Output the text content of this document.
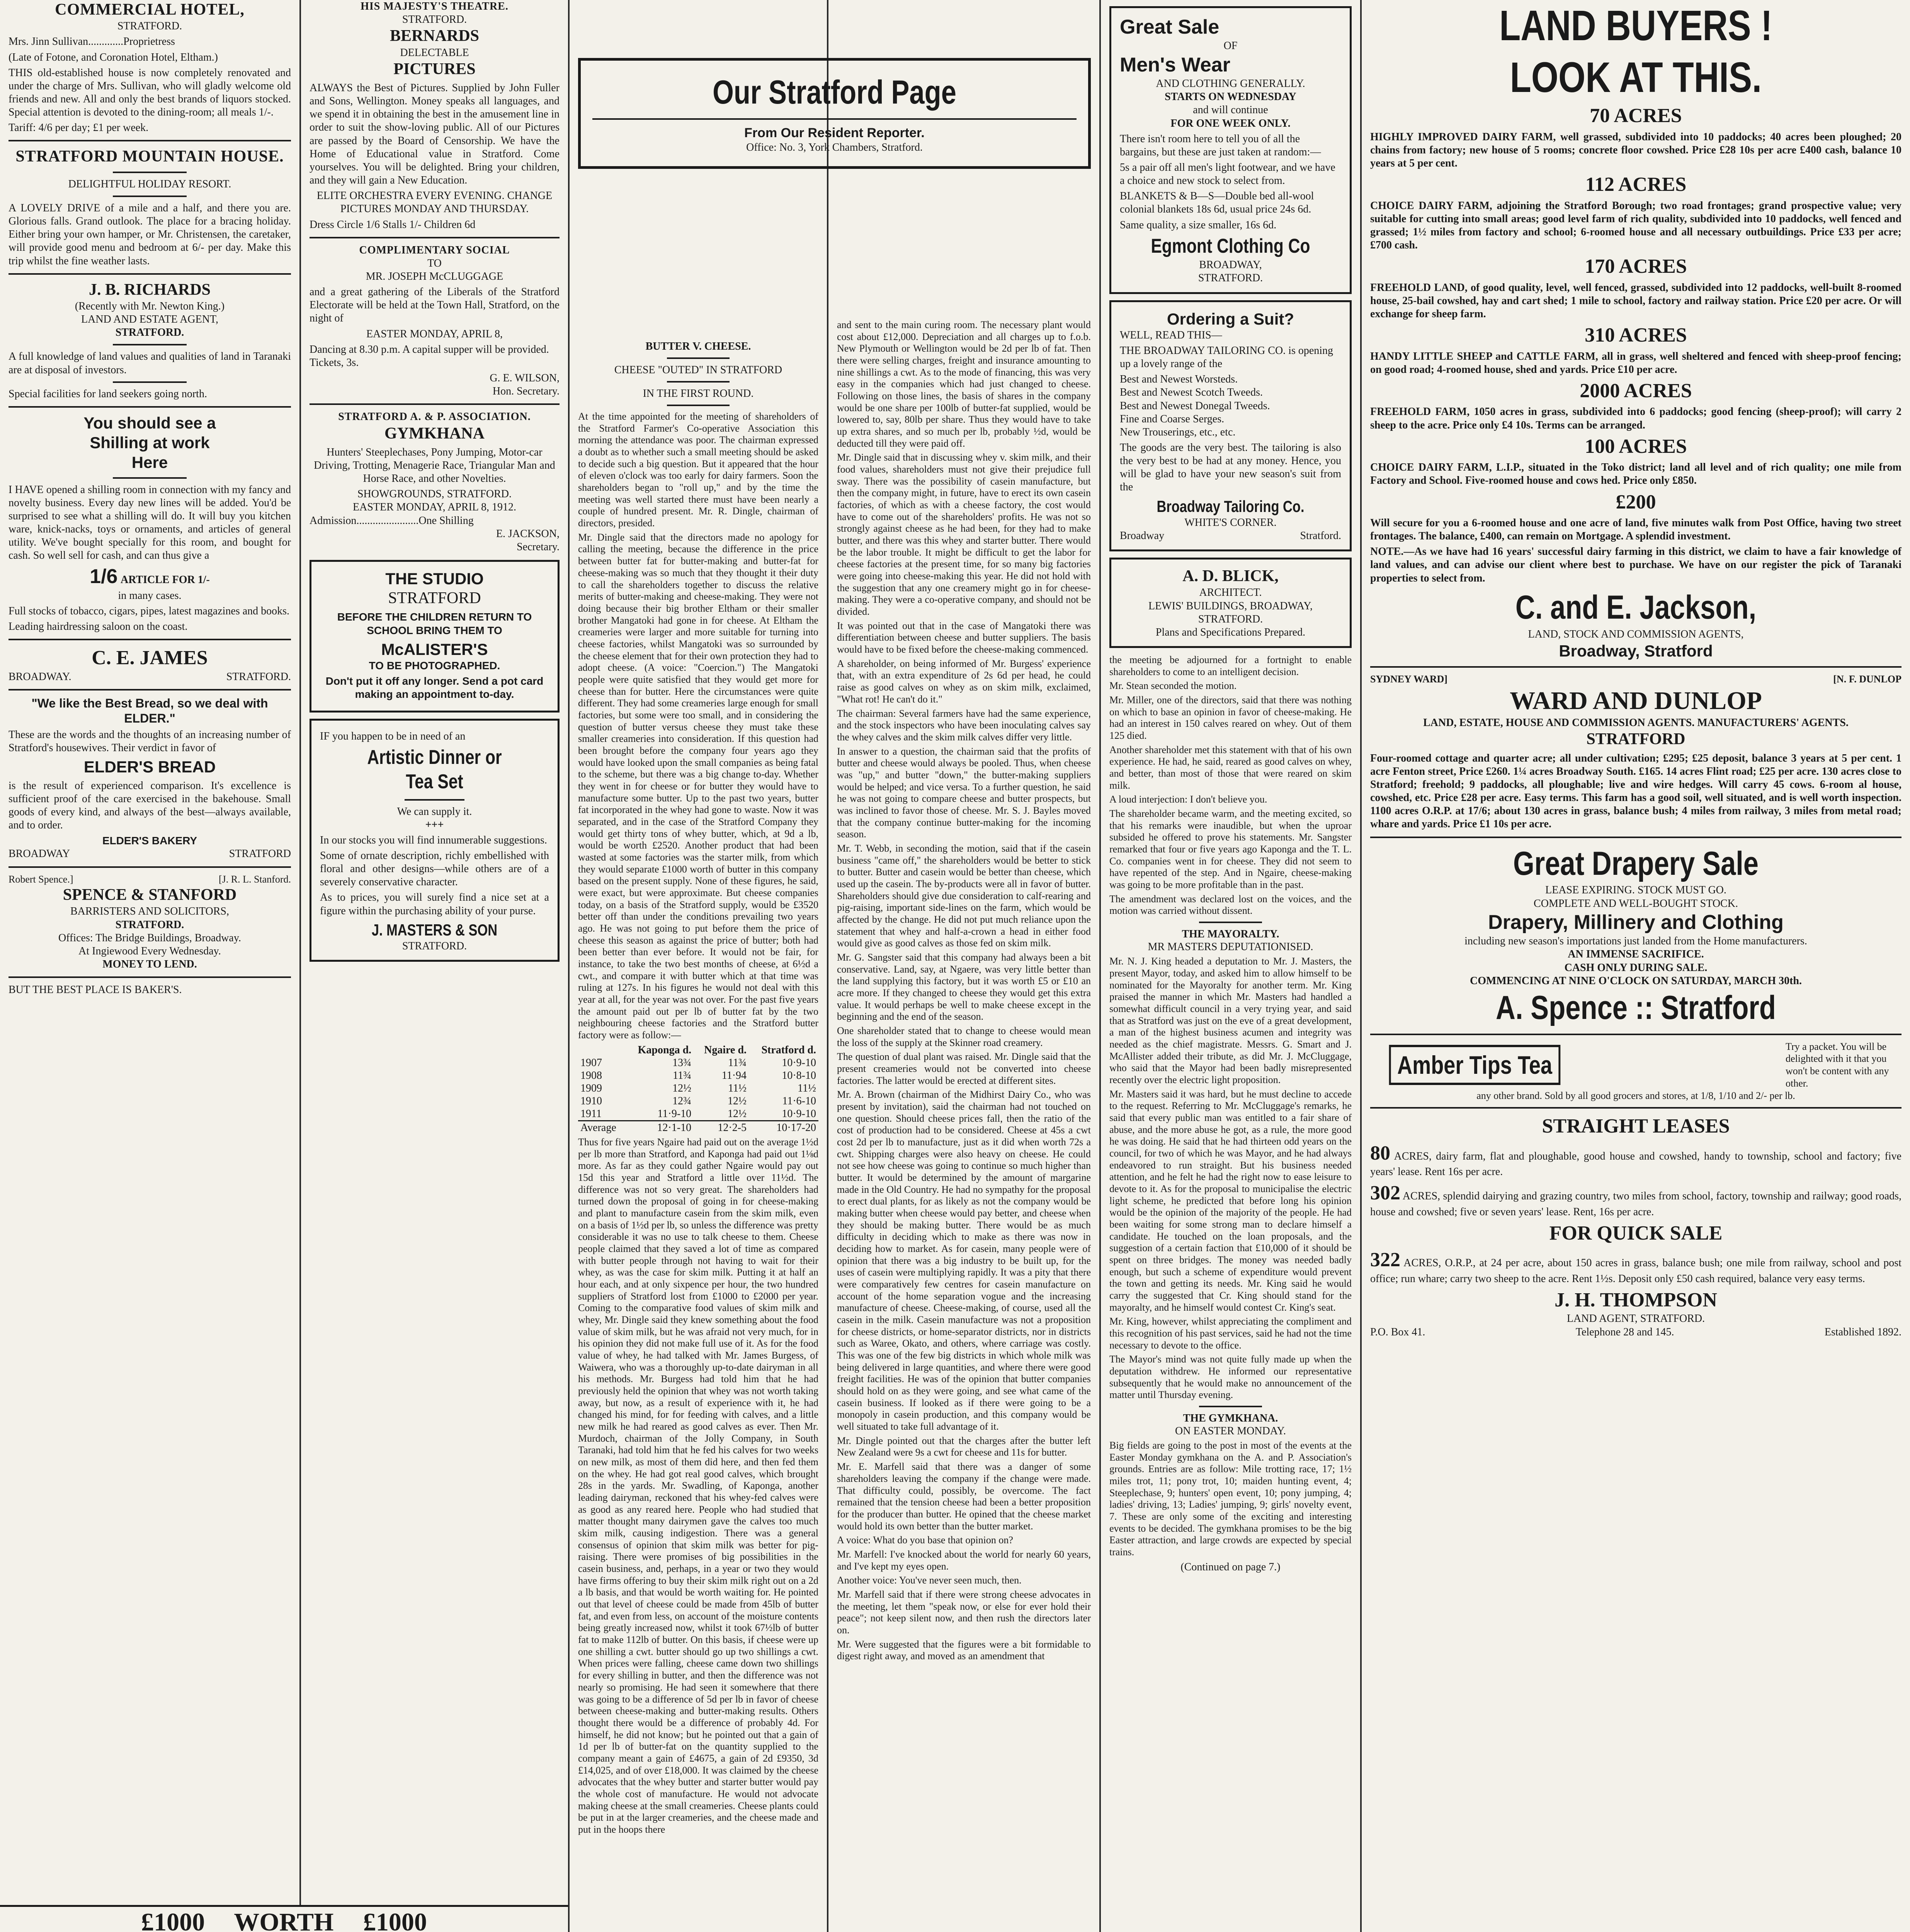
COMMERCIAL HOTEL,
STRATFORD.

Mrs. Jinn Sullivan.............Proprietress

(Late of Fotone, and Coronation Hotel, Eltham.)

THIS old-established house is now completely renovated and under the charge of Mrs. Sullivan, who will gladly welcome old friends and new. All and only the best brands of liquors stocked. Special attention is devoted to the dining-room; all meals 1/-.

Tariff: 4/6 per day; £1 per week.

STRATFORD MOUNTAIN HOUSE.
DELIGHTFUL HOLIDAY RESORT.

A LOVELY DRIVE of a mile and a half, and there you are. Glorious falls. Grand outlook. The place for a bracing holiday. Either bring your own hamper, or Mr. Christensen, the caretaker, will provide good menu and bedroom at 6/- per day. Make this trip whilst the fine weather lasts.

J. B. RICHARDS
(Recently with Mr. Newton King.)
LAND AND ESTATE AGENT,
STRATFORD.

A full knowledge of land values and qualities of land in Taranaki are at disposal of investors.

Special facilities for land seekers going north.

You should see a
Shilling at work
Here

I HAVE opened a shilling room in connection with my fancy and novelty business. Every day new lines will be added. You'd be surprised to see what a shilling will do. It will buy you kitchen ware, knick-nacks, toys or ornaments, and articles of general utility. We've bought specially for this room, and bought for cash. So well sell for cash, and can thus give a

1/6 ARTICLE FOR 1/-
in many cases.

Full stocks of tobacco, cigars, pipes, latest magazines and books.

Leading hairdressing saloon on the coast.

C. E. JAMES
BROADWAY.	STRATFORD.
"We like the Best Bread, so we deal with ELDER."

These are the words and the thoughts of an increasing number of Stratford's housewives. Their verdict in favor of

ELDER'S BREAD

is the result of experienced comparison. It's excellence is sufficient proof of the care exercised in the bakehouse. Small goods of every kind, and always of the best—always available, and to order.

ELDER'S BAKERY
BROADWAY	STRATFORD
Robert Spence.]	[J. R. L. Stanford.
SPENCE & STANFORD
BARRISTERS AND SOLICITORS,
STRATFORD.
Offices: The Bridge Buildings, Broadway.
At Ingiewood Every Wednesday.
MONEY TO LEND.
BUT THE BEST PLACE IS BAKER'S.
HIS MAJESTY'S THEATRE.
STRATFORD.
BERNARDS
DELECTABLE
PICTURES

ALWAYS the Best of Pictures. Supplied by John Fuller and Sons, Wellington. Money speaks all languages, and we spend it in obtaining the best in the amusement line in order to suit the show-loving public. All of our Pictures are passed by the Board of Censorship. We have the Home of Educational value in Stratford. Come yourselves. You will be delighted. Bring your children, and they will gain a New Education.

ELITE ORCHESTRA EVERY EVENING. CHANGE PICTURES MONDAY AND THURSDAY.

Dress Circle 1/6 Stalls 1/- Children 6d

COMPLIMENTARY SOCIAL
TO
MR. JOSEPH McCLUGGAGE

and a great gathering of the Liberals of the Stratford Electorate will be held at the Town Hall, Stratford, on the night of

EASTER MONDAY, APRIL 8,

Dancing at 8.30 p.m. A capital supper will be provided. Tickets, 3s.

G. E. WILSON,
Hon. Secretary.
STRATFORD A. & P. ASSOCIATION.
GYMKHANA

Hunters' Steeplechases, Pony Jumping, Motor-car Driving, Trotting, Menagerie Race, Triangular Man and Horse Race, and other Novelties.

SHOWGROUNDS, STRATFORD.
EASTER MONDAY, APRIL 8, 1912.
Admission.......................One Shilling
E. JACKSON,
Secretary.
THE STUDIO
STRATFORD

BEFORE THE CHILDREN RETURN TO SCHOOL BRING THEM TO

McALISTER'S
TO BE PHOTOGRAPHED.

Don't put it off any longer. Send a pot card making an appointment to-day.

IF you happen to be in need of an

Artistic Dinner or
Tea Set
We can supply it.
+++

In our stocks you will find innumerable suggestions.

Some of ornate description, richly embellished with floral and other designs—while others are of a severely conservative character.

As to prices, you will surely find a nice set at a figure within the purchasing ability of your purse.

J. MASTERS & SON
STRATFORD.
£1000 WORTH £1000

Our Stratford Page
From Our Resident Reporter.
Office: No. 3, York Chambers, Stratford.
BUTTER V. CHEESE.
CHEESE "OUTED" IN STRATFORD
IN THE FIRST ROUND.

At the time appointed for the meeting of shareholders of the Stratford Farmer's Co-operative Association this morning the attendance was poor. The chairman expressed a doubt as to whether such a small meeting should be asked to decide such a big question. But it appeared that the hour of eleven o'clock was too early for dairy farmers. Soon the shareholders began to "roll up," and by the time the meeting was well started there must have been nearly a couple of hundred present. Mr. R. Dingle, chairman of directors, presided.

Mr. Dingle said that the directors made no apology for calling the meeting, because the difference in the price between butter fat for butter-making and butter-fat for cheese-making was so much that they thought it their duty to call the shareholders together to discuss the relative merits of butter-making and cheese-making. They were not doing because their big brother Eltham or their smaller brother Mangatoki had gone in for cheese. At Eltham the creameries were larger and more suitable for turning into cheese factories, whilst Mangatoki was so surrounded by the cheese element that for their own protection they had to adopt cheese. (A voice: "Coercion.") The Mangatoki people were quite satisfied that they would get more for cheese than for butter. Here the circumstances were quite different. They had some creameries large enough for small factories, but some were too small, and in considering the question of butter versus cheese they must take these smaller creameries into consideration. If this question had been brought before the company four years ago they would have looked upon the small companies as being fatal to the scheme, but there was a big change to-day. Whether they went in for cheese or for butter they would have to manufacture some butter. Up to the past two years, butter fat incorporated in the whey had gone to waste. Now it was separated, and in the case of the Stratford Company they would get thirty tons of whey butter, which, at 9d a lb, would be worth £2520. Another product that had been wasted at some factories was the starter milk, from which they would separate £1000 worth of butter in this company based on the present supply. None of these figures, he said, were exact, but were approximate. But cheese companies today, on a basis of the Stratford supply, would be £3520 better off than under the conditions prevailing two years ago. He was not going to put before them the price of cheese this season as against the price of butter; both had been better than ever before. It would not be fair, for instance, to take the two best months of cheese, at 6½d a cwt., and compare it with butter which at that time was ruling at 127s. In his figures he would not deal with this year at all, for the year was not over. For the past five years the amount paid out per lb of butter fat by the two neighbouring cheese factories and the Stratford butter factory were as follow:—

	Kaponga d.	Ngaire d.	Stratford d.
1907	13¾	11¾	10·9-10
1908	11¾	11·94	10·8-10
1909	12½	11½	11½
1910	12¾	12½	11·6-10
1911	11·9-10	12½	10·9-10
Average	12·1-10	12·2-5	10·17-20

Thus for five years Ngaire had paid out on the average 1½d per lb more than Stratford, and Kaponga had paid out 1⅛d more. As far as they could gather Ngaire would pay out 15d this year and Stratford a little over 11½d. The difference was not so very great. The shareholders had turned down the proposal of going in for cheese-making and plant to manufacture casein from the skim milk, even on a basis of 1½d per lb, so unless the difference was pretty considerable it was no use to talk cheese to them. Cheese people claimed that they saved a lot of time as compared with butter people through not having to wait for their whey, as was the case for skim milk. Putting it at half an hour each, and at only sixpence per hour, the two hundred suppliers of Stratford lost from £1000 to £2000 per year. Coming to the comparative food values of skim milk and whey, Mr. Dingle said they knew something about the food value of skim milk, but he was afraid not very much, for in his opinion they did not make full use of it. As for the food value of whey, he had talked with Mr. James Burgess, of Waiwera, who was a thoroughly up-to-date dairyman in all his methods. Mr. Burgess had told him that he had previously held the opinion that whey was not worth taking away, but now, as a result of experience with it, he had changed his mind, for for feeding with calves, and a little new milk he had reared as good calves as ever. Then Mr. Murdoch, chairman of the Jolly Company, in South Taranaki, had told him that he fed his calves for two weeks on new milk, as most of them did here, and then fed them on the whey. He had got real good calves, which brought 28s in the yards. Mr. Swadling, of Kaponga, another leading dairyman, reckoned that his whey-fed calves were as good as any reared here. People who had studied that matter thought many dairymen gave the calves too much skim milk, causing indigestion. There was a general consensus of opinion that skim milk was better for pig-raising. There were promises of big possibilities in the casein business, and, perhaps, in a year or two they would have firms offering to buy their skim milk right out on a 2d a lb basis, and that would be worth waiting for. He pointed out that level of cheese could be made from 45lb of butter fat, and even from less, on account of the moisture contents being greatly increased now, whilst it took 67½lb of butter fat to make 112lb of butter. On this basis, if cheese were up one shilling a cwt. butter should go up two shillings a cwt. When prices were falling, cheese came down two shillings for every shilling in butter, and then the difference was not nearly so promising. He had seen it somewhere that there was going to be a difference of 5d per lb in favor of cheese between cheese-making and butter-making results. Others thought there would be a difference of probably 4d. For himself, he did not know; but he pointed out that a gain of 1d per lb of butter-fat on the quantity supplied to the company meant a gain of £4675, a gain of 2d £9350, 3d £14,025, and of over £18,000. It was claimed by the cheese advocates that the whey butter and starter butter would pay the whole cost of manufacture. He would not advocate making cheese at the small creameries. Cheese plants could be put in at the larger creameries, and the cheese made and put in the hoops there

and sent to the main curing room. The necessary plant would cost about £12,000. Depreciation and all charges up to f.o.b. New Plymouth or Wellington would be 2d per lb of fat. Then there were selling charges, freight and insurance amounting to nine shillings a cwt. As to the mode of financing, this was very easy in the companies which had just changed to cheese. Following on those lines, the basis of shares in the company would be one share per 100lb of butter-fat supplied, would be lowered to, say, 80lb per share. Thus they would have to take up extra shares, and so much per lb, probably ½d, would be deducted till they were paid off.

Mr. Dingle said that in discussing whey v. skim milk, and their food values, shareholders must not give their prejudice full sway. There was the possibility of casein manufacture, but then the company might, in future, have to erect its own casein factories, of which as with a cheese factory, the cost would have to come out of the shareholders' profits. He was not so strongly against cheese as he had been, for they had to make butter, and there was this whey and starter butter. There would be the labor trouble. It might be difficult to get the labor for cheese factories at the present time, for so many big factories were going into cheese-making this year. He did not hold with the suggestion that any one creamery might go in for cheese-making. They were a co-operative company, and should not be divided.

It was pointed out that in the case of Mangatoki there was differentiation between cheese and butter suppliers. The basis would have to be fixed before the cheese-making commenced.

A shareholder, on being informed of Mr. Burgess' experience that, with an extra expenditure of 2s 6d per head, he could raise as good calves on whey as on skim milk, exclaimed, "What rot! He can't do it."

The chairman: Several farmers have had the same experience, and the stock inspectors who have been inoculating calves say the whey calves and the skim milk calves differ very little.

In answer to a question, the chairman said that the profits of butter and cheese would always be pooled. Thus, when cheese was "up," and butter "down," the butter-making suppliers would be helped; and vice versa. To a further question, he said he was not going to compare cheese and butter prospects, but was inclined to favor those of cheese. Mr. S. J. Bayles moved that the company continue butter-making for the incoming season.

Mr. T. Webb, in seconding the motion, said that if the casein business "came off," the shareholders would be better to stick to butter. Butter and casein would be better than cheese, which used up the casein. The by-products were all in favor of butter. Shareholders should give due consideration to calf-rearing and pig-raising, important side-lines on the farm, which would be affected by the change. He did not put much reliance upon the statement that whey and half-a-crown a head in either food would give as good calves as those fed on skim milk.

Mr. G. Sangster said that this company had always been a bit conservative. Land, say, at Ngaere, was very little better than the land supplying this factory, but it was worth £5 or £10 an acre more. If they changed to cheese they would get this extra value. It would perhaps be well to make cheese except in the beginning and the end of the season.

One shareholder stated that to change to cheese would mean the loss of the supply at the Skinner road creamery.

The question of dual plant was raised. Mr. Dingle said that the present creameries would not be converted into cheese factories. The latter would be erected at different sites.

Mr. A. Brown (chairman of the Midhirst Dairy Co., who was present by invitation), said the chairman had not touched on one question. Should cheese prices fall, then the ratio of the cost of production had to be considered. Cheese at 45s a cwt cost 2d per lb to manufacture, just as it did when worth 72s a cwt. Shipping charges were also heavy on cheese. He could not see how cheese was going to continue so much higher than butter. It would be determined by the amount of margarine made in the Old Country. He had no sympathy for the proposal to erect dual plants, for as likely as not the company would be making butter when cheese would pay better, and cheese when they should be making butter. There would be as much difficulty in deciding which to make as there was now in deciding how to market. As for casein, many people were of opinion that there was a big industry to be built up, for the uses of casein were multiplying rapidly. It was a pity that there were comparatively few centres for casein manufacture on account of the home separation vogue and the increasing manufacture of cheese. Cheese-making, of course, used all the casein in the milk. Casein manufacture was not a proposition for cheese districts, or home-separator districts, nor in districts such as Waree, Okato, and others, where carriage was costly. This was one of the few big districts in which whole milk was being delivered in large quantities, and where there were good freight facilities. He was of the opinion that butter companies should hold on as they were going, and see what came of the casein business. If looked as if there were going to be a monopoly in casein production, and this company would be well situated to take full advantage of it.

Mr. Dingle pointed out that the charges after the butter left New Zealand were 9s a cwt for cheese and 11s for butter.

Mr. E. Marfell said that there was a danger of some shareholders leaving the company if the change were made. That difficulty could, possibly, be overcome. The fact remained that the tension cheese had been a better proposition for the producer than butter. He opined that the cheese market would hold its own better than the butter market.

A voice: What do you base that opinion on?

Mr. Marfell: I've knocked about the world for nearly 60 years, and I've kept my eyes open.

Another voice: You've never seen much, then.

Mr. Marfell said that if there were strong cheese advocates in the meeting, let them "speak now, or else for ever hold their peace"; not keep silent now, and then rush the directors later on.

Mr. Were suggested that the figures were a bit formidable to digest right away, and moved as an amendment that

Great Sale
OF
Men's Wear
AND CLOTHING GENERALLY.
STARTS ON WEDNESDAY
and will continue
FOR ONE WEEK ONLY.

There isn't room here to tell you of all the bargains, but these are just taken at random:—

5s a pair off all men's light footwear, and we have a choice and new stock to select from.

BLANKETS & B—S—Double bed all-wool colonial blankets 18s 6d, usual price 24s 6d.

Same quality, a size smaller, 16s 6d.

Egmont Clothing Co
BROADWAY,
STRATFORD.
Ordering a Suit?
WELL, READ THIS—

THE BROADWAY TAILORING CO. is opening up a lovely range of the

Best and Newest Worsteds.
Best and Newest Scotch Tweeds.
Best and Newest Donegal Tweeds.
Fine and Coarse Serges.
New Trouserings, etc., etc.

The goods are the very best. The tailoring is also the very best to be had at any money. Hence, you will be glad to have your new season's suit from the

Broadway Tailoring Co.
WHITE'S CORNER.
Broadway	Stratford.
A. D. BLICK,
ARCHITECT.
LEWIS' BUILDINGS, BROADWAY, STRATFORD.
Plans and Specifications Prepared.

the meeting be adjourned for a fortnight to enable shareholders to come to an intelligent decision.

Mr. Stean seconded the motion.

Mr. Miller, one of the directors, said that there was nothing on which to base an opinion in favor of cheese-making. He had an interest in 150 calves reared on whey. Out of them 125 died.

Another shareholder met this statement with that of his own experience. He had, he said, reared as good calves on whey, and better, than most of those that were reared on skim milk.

A loud interjection: I don't believe you.

The shareholder became warm, and the meeting excited, so that his remarks were inaudible, but when the uproar subsided he offered to prove his statements. Mr. Sangster remarked that four or five years ago Kaponga and the T. L. Co. companies went in for cheese. They did not seem to have repented of the step. And in Ngaire, cheese-making was going to be more profitable than in the past.

The amendment was declared lost on the voices, and the motion was carried without dissent.

THE MAYORALTY.
MR MASTERS DEPUTATIONISED.

Mr. N. J. King headed a deputation to Mr. J. Masters, the present Mayor, today, and asked him to allow himself to be nominated for the Mayoralty for another term. Mr. King praised the manner in which Mr. Masters had handled a somewhat difficult council in a very trying year, and said that as Stratford was just on the eve of a great development, a man of the highest business acumen and integrity was needed as the chief magistrate. Messrs. G. Smart and J. McAllister added their tribute, as did Mr. J. McCluggage, who said that the Mayor had been badly misrepresented recently over the electric light proposition.

Mr. Masters said it was hard, but he must decline to accede to the request. Referring to Mr. McCluggage's remarks, he said that every public man was entitled to a fair share of abuse, and the more abuse he got, as a rule, the more good he was doing. He said that he had thirteen odd years on the council, for two of which he was Mayor, and he had always endeavored to run straight. But his business needed attention, and he felt he had the right now to ease leisure to devote to it. As for the proposal to municipalise the electric light scheme, he predicted that before long his opinion would be the opinion of the majority of the people. He had been waiting for some strong man to declare himself a candidate. He touched on the loan proposals, and the suggestion of a certain faction that £10,000 of it should be spent on three bridges. The money was needed badly enough, but such a scheme of expenditure would prevent the town and getting its needs. Mr. King said he would carry the suggested that Cr. King should stand for the mayoralty, and he himself would contest Cr. King's seat.

Mr. King, however, whilst appreciating the compliment and this recognition of his past services, said he had not the time necessary to devote to the office.

The Mayor's mind was not quite fully made up when the deputation withdrew. He informed our representative subsequently that he would make no announcement of the matter until Thursday evening.

THE GYMKHANA.
ON EASTER MONDAY.

Big fields are going to the post in most of the events at the Easter Monday gymkhana on the A. and P. Association's grounds. Entries are as follow: Mile trotting race, 17; 1½ miles trot, 11; pony trot, 10; maiden hunting event, 4; Steeplechase, 9; hunters' open event, 10; pony jumping, 4; ladies' driving, 13; Ladies' jumping, 9; girls' novelty event, 7. These are only some of the exciting and interesting events to be decided. The gymkhana promises to be the big Easter attraction, and large crowds are expected by special trains.

(Continued on page 7.)
LAND BUYERS !
LOOK AT THIS.
70 ACRES

HIGHLY IMPROVED DAIRY FARM, well grassed, subdivided into 10 paddocks; 40 acres been ploughed; 20 chains from factory; new house of 5 rooms; concrete floor cowshed. Price £28 10s per acre £400 cash, balance 10 years at 5 per cent.

112 ACRES

CHOICE DAIRY FARM, adjoining the Stratford Borough; two road frontages; grand prospective value; very suitable for cutting into small areas; good level farm of rich quality, subdivided into 10 paddocks, well fenced and grassed; 1½ miles from factory and school; 6-roomed house and all necessary outbuildings. Price £33 per acre; £700 cash.

170 ACRES

FREEHOLD LAND, of good quality, level, well fenced, grassed, subdivided into 12 paddocks, well-built 8-roomed house, 25-bail cowshed, hay and cart shed; 1 mile to school, factory and railway station. Price £20 per acre. Or will exchange for sheep farm.

310 ACRES

HANDY LITTLE SHEEP and CATTLE FARM, all in grass, well sheltered and fenced with sheep-proof fencing; on good road; 4-roomed house, shed and yards. Price £10 per acre.

2000 ACRES

FREEHOLD FARM, 1050 acres in grass, subdivided into 6 paddocks; good fencing (sheep-proof); will carry 2 sheep to the acre. Price only £4 10s. Terms can be arranged.

100 ACRES

CHOICE DAIRY FARM, L.I.P., situated in the Toko district; land all level and of rich quality; one mile from Factory and School. Five-roomed house and cows hed. Price only £850.

£200

Will secure for you a 6-roomed house and one acre of land, five minutes walk from Post Office, having two street frontages. The balance, £400, can remain on Mortgage. A splendid investment.

NOTE.—As we have had 16 years' successful dairy farming in this district, we claim to have a fair knowledge of land values, and can advise our client where best to purchase. We have on our register the pick of Taranaki properties to select from.

C. and E. Jackson,
LAND, STOCK AND COMMISSION AGENTS,
Broadway, Stratford
SYDNEY WARD]	[N. F. DUNLOP
WARD AND DUNLOP
LAND, ESTATE, HOUSE AND COMMISSION AGENTS. MANUFACTURERS' AGENTS.
STRATFORD

Four-roomed cottage and quarter acre; all under cultivation; £295; £25 deposit, balance 3 years at 5 per cent. 1 acre Fenton street, Price £260. 1¼ acres Broadway South. £165. 14 acres Flint road; £25 per acre. 130 acres close to Stratford; freehold; 9 paddocks, all ploughable; live and wire hedges. Will carry 45 cows. 6-room al house, cowshed, etc. Price £28 per acre. Easy terms. This farm has a good soil, well situated, and is well worth inspection. 1100 acres O.R.P. at 17/6; about 130 acres in grass, balance bush; 4 miles from railway, 3 miles from metal road; whare and yards. Price £1 10s per acre.

Great Drapery Sale
LEASE EXPIRING. STOCK MUST GO.
COMPLETE AND WELL-BOUGHT STOCK.
Drapery, Millinery and Clothing
including new season's importations just landed from the Home manufacturers.
AN IMMENSE SACRIFICE.
CASH ONLY DURING SALE.
COMMENCING AT NINE O'CLOCK ON SATURDAY, MARCH 30th.
A. Spence :: Stratford
Amber Tips Tea
Try a packet. You will be delighted with it that you won't be content with any other.
any other brand. Sold by all good grocers and stores, at 1/8, 1/10 and 2/- per lb.
STRAIGHT LEASES

80 ACRES, dairy farm, flat and ploughable, good house and cowshed, handy to township, school and factory; five years' lease. Rent 16s per acre.

302 ACRES, splendid dairying and grazing country, two miles from school, factory, township and railway; good roads, house and cowshed; five or seven years' lease. Rent, 16s per acre.

FOR QUICK SALE

322 ACRES, O.R.P., at 24 per acre, about 150 acres in grass, balance bush; one mile from railway, school and post office; run whare; carry two sheep to the acre. Rent 1½s. Deposit only £50 cash required, balance very easy terms.

J. H. THOMPSON
LAND AGENT, STRATFORD.
P.O. Box 41.	Telephone 28 and 145.	Established 1892.
